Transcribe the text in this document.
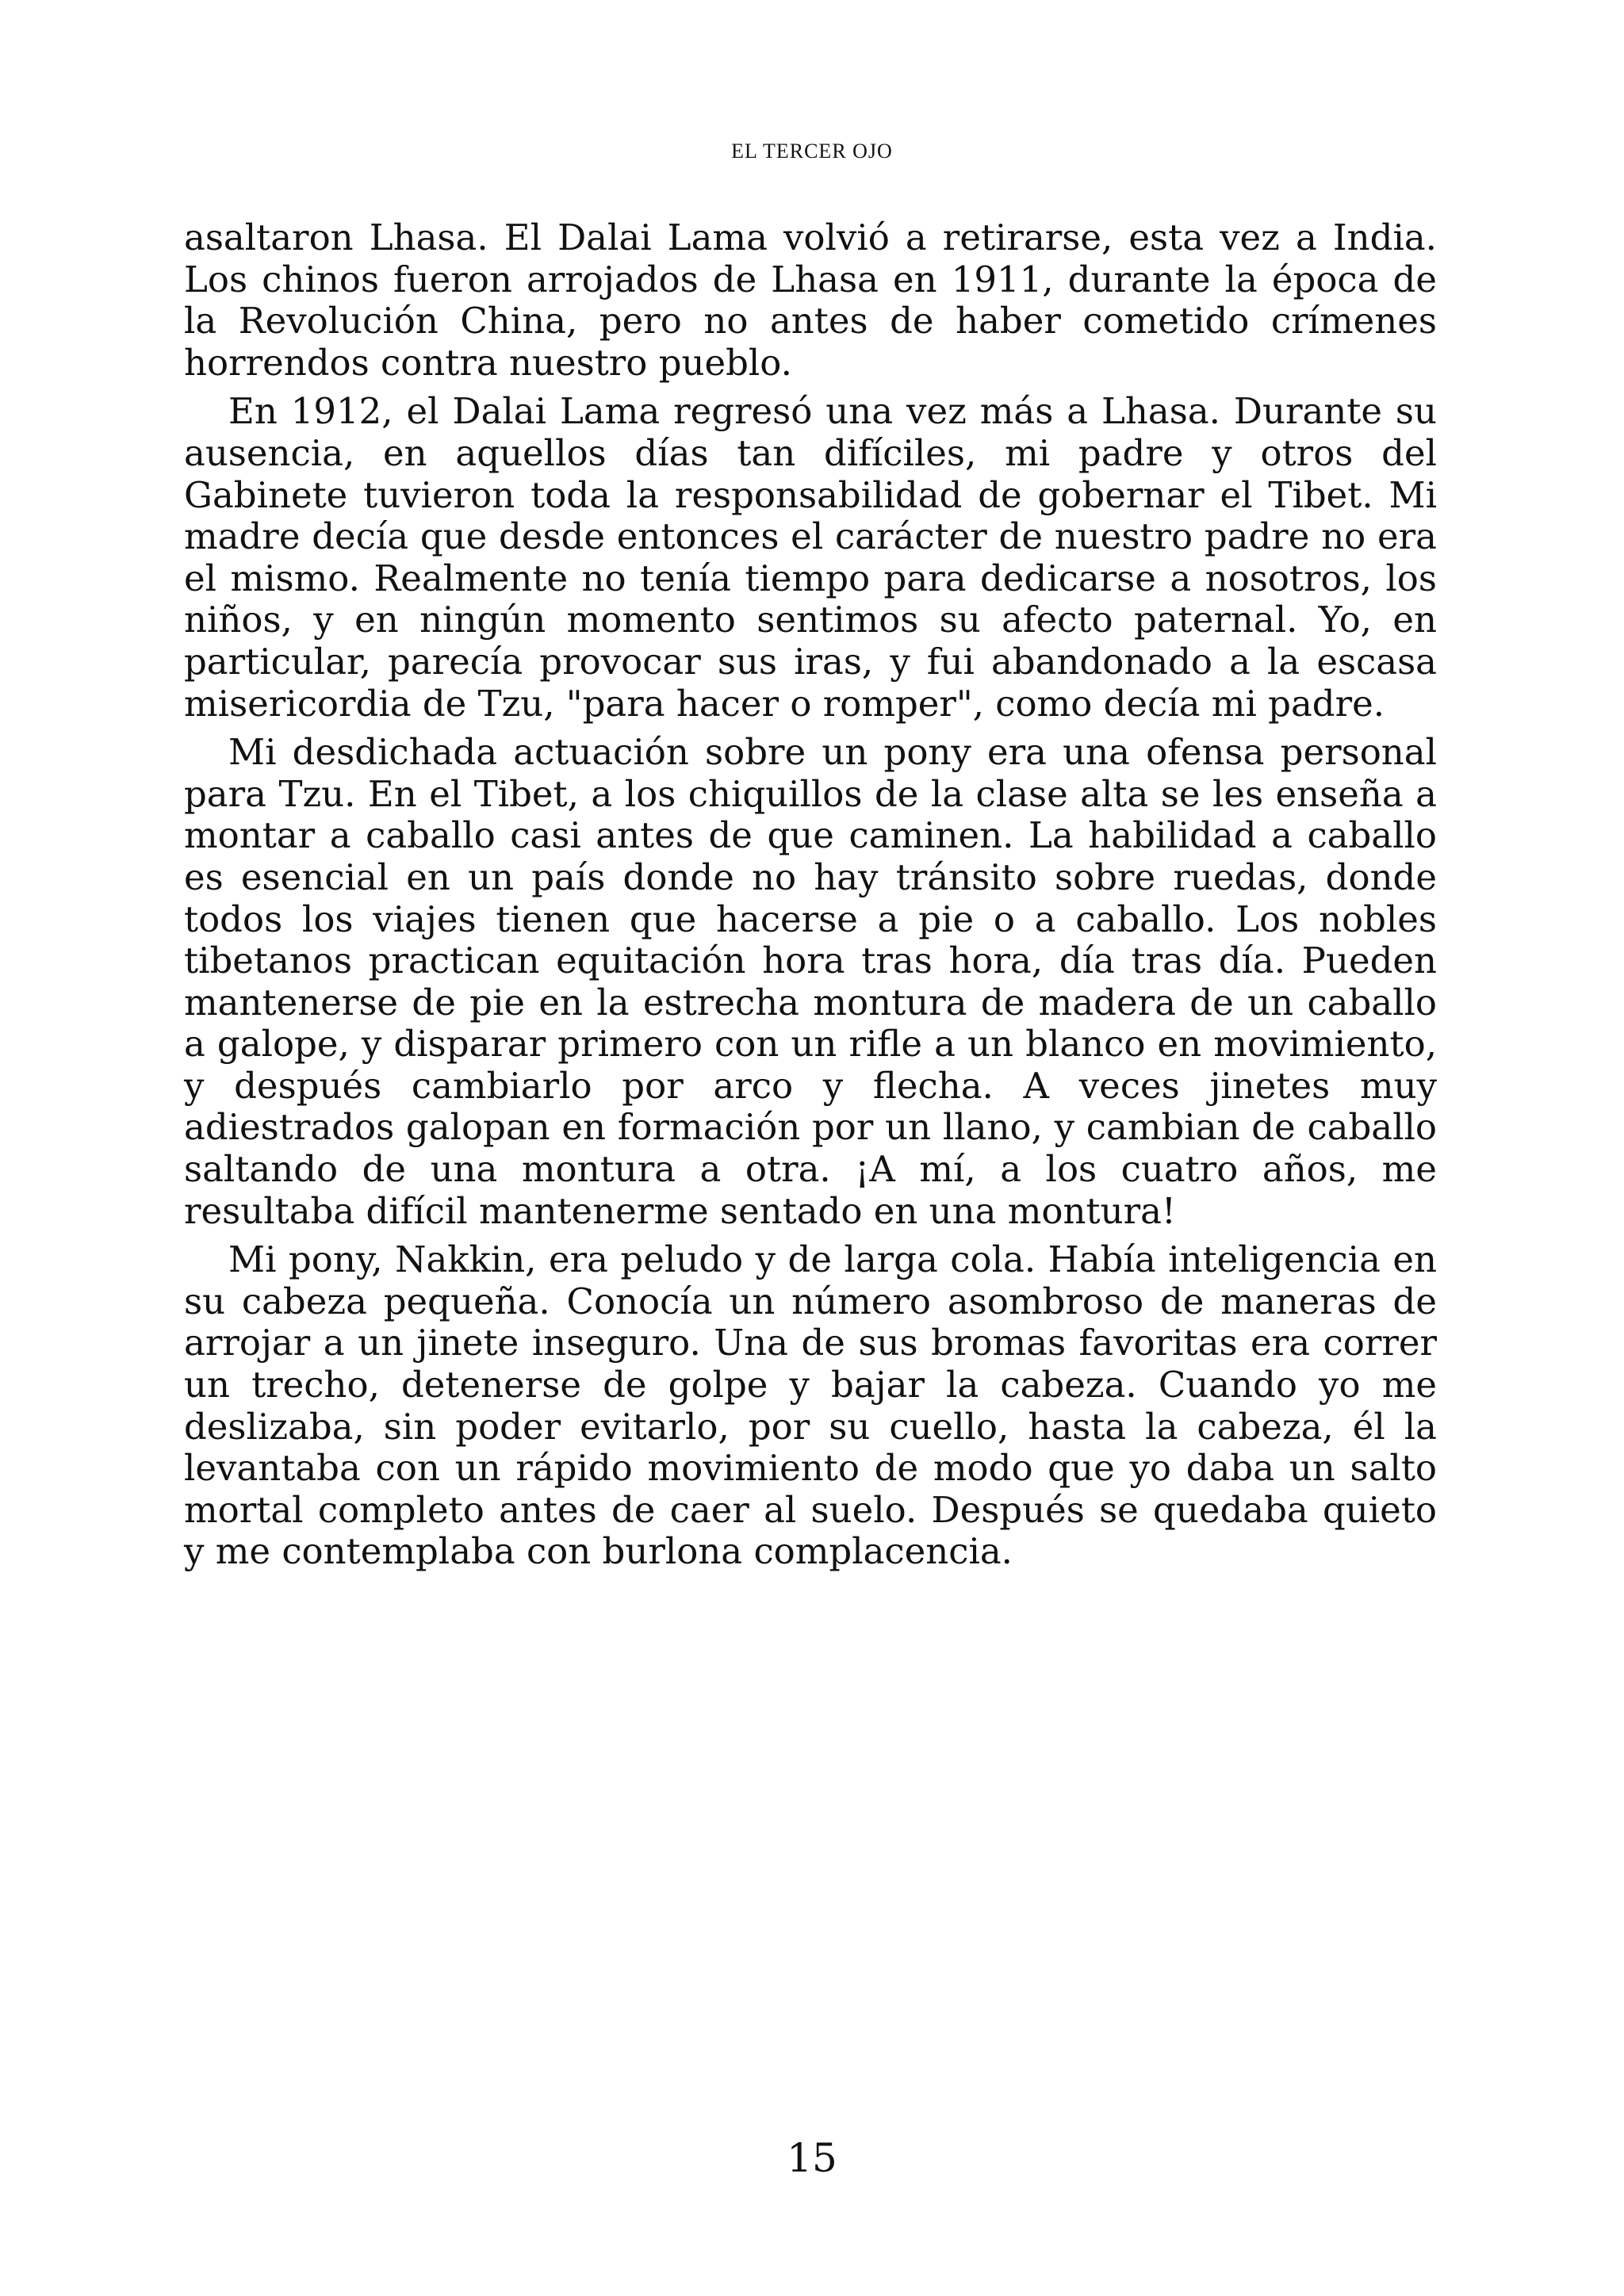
EL TERCER OJO

asaltaron Lhasa. El Dalai Lama volvió a retirarse, esta vez a India. Los chinos fueron arrojados de Lhasa en 1911, durante la época de la Revolución China, pero no antes de haber cometido crímenes horrendos contra nuestro pueblo.

En 1912, el Dalai Lama regresó una vez más a Lhasa. Durante su ausencia, en aquellos días tan difíciles, mi padre y otros del Gabinete tuvieron toda la responsabilidad de gobernar el Tibet. Mi madre decía que desde entonces el carácter de nuestro padre no era el mismo. Realmente no tenía tiempo para dedicarse a nosotros, los niños, y en ningún momento sentimos su afecto paternal. Yo, en particular, parecía provocar sus iras, y fui abandonado a la escasa misericordia de Tzu, "para hacer o romper", como decía mi padre.

Mi desdichada actuación sobre un pony era una ofensa personal para Tzu. En el Tibet, a los chiquillos de la clase alta se les enseña a montar a caballo casi antes de que caminen. La habilidad a caballo es esencial en un país donde no hay tránsito sobre ruedas, donde todos los viajes tienen que hacerse a pie o a caballo. Los nobles tibetanos practican equitación hora tras hora, día tras día. Pueden mantenerse de pie en la estrecha montura de madera de un caballo a galope, y disparar primero con un rifle a un blanco en movimiento, y después cambiarlo por arco y flecha. A veces jinetes muy adiestrados galopan en formación por un llano, y cambian de caballo saltando de una montura a otra. ¡A mí, a los cuatro años, me resultaba difícil mantenerme sentado en una montura!

Mi pony, Nakkin, era peludo y de larga cola. Había inteligencia en su cabeza pequeña. Conocía un número asombroso de maneras de arrojar a un jinete inseguro. Una de sus bromas favoritas era correr un trecho, detenerse de golpe y bajar la cabeza. Cuando yo me deslizaba, sin poder evitarlo, por su cuello, hasta la cabeza, él la levantaba con un rápido movimiento de modo que yo daba un salto mortal completo antes de caer al suelo. Después se quedaba quieto y me contemplaba con burlona complacencia.

15
